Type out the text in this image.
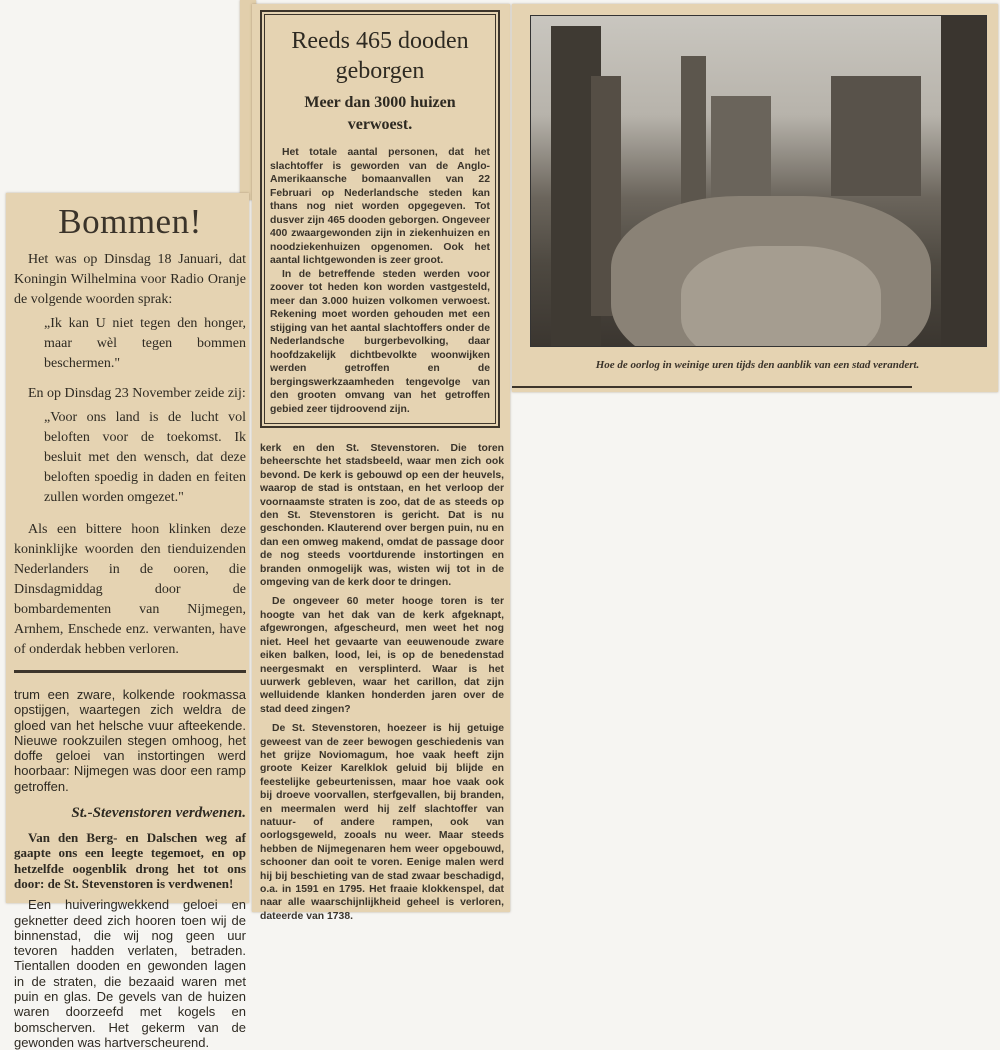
Bommen!

Het was op Dinsdag 18 Januari, dat Koningin Wilhelmina voor Radio Oranje de volgende woorden sprak:

„Ik kan U niet tegen den honger, maar wèl tegen bommen beschermen."

En op Dinsdag 23 November zeide zij:

„Voor ons land is de lucht vol beloften voor de toekomst. Ik besluit met den wensch, dat deze beloften spoedig in daden en feiten zullen worden omgezet."

Als een bittere hoon klinken deze koninklijke woorden den tienduizenden Nederlanders in de ooren, die Dinsdagmiddag door de bombardementen van Nijmegen, Arnhem, Enschede enz. verwanten, have of onderdak hebben verloren.

trum een zware, kolkende rookmassa opstijgen, waartegen zich weldra de gloed van het helsche vuur afteekende. Nieuwe rookzuilen stegen omhoog, het doffe geloei van instortingen werd hoorbaar: Nijmegen was door een ramp getroffen.

St.-Stevenstoren verdwenen.

Van den Berg- en Dalschen weg af gaapte ons een leegte tegemoet, en op hetzelfde oogenblik drong het tot ons door: de St. Stevenstoren is verdwenen!

Een huiveringwekkend geloei en geknetter deed zich hooren toen wij de binnenstad, die wij nog geen uur tevoren hadden verlaten, betraden. Tientallen dooden en gewonden lagen in de straten, die bezaaid waren met puin en glas. De gevels van de huizen waren doorzeefd met kogels en bomscherven. Het gekerm van de gewonden was hartverscheurend.

Reeds 465 dooden geborgen
Meer dan 3000 huizen verwoest.

Het totale aantal personen, dat het slachtoffer is geworden van de Anglo-Amerikaansche bomaanvallen van 22 Februari op Nederlandsche steden kan thans nog niet worden opgegeven. Tot dusver zijn 465 dooden geborgen. Ongeveer 400 zwaargewonden zijn in ziekenhuizen en noodziekenhuizen opgenomen. Ook het aantal lichtgewonden is zeer groot.

In de betreffende steden werden voor zoover tot heden kon worden vastgesteld, meer dan 3.000 huizen volkomen verwoest. Rekening moet worden gehouden met een stijging van het aantal slachtoffers onder de Nederlandsche burgerbevolking, daar hoofdzakelijk dichtbevolkte woonwijken werden getroffen en de bergingswerkzaamheden tengevolge van den grooten omvang van het getroffen gebied zeer tijdroovend zijn.

kerk en den St. Stevenstoren. Die toren beheerschte het stadsbeeld, waar men zich ook bevond. De kerk is gebouwd op een der heuvels, waarop de stad is ontstaan, en het verloop der voornaamste straten is zoo, dat de as steeds op den St. Stevenstoren is gericht. Dat is nu geschonden. Klauterend over bergen puin, nu en dan een omweg makend, omdat de passage door de nog steeds voortdurende instortingen en branden onmogelijk was, wisten wij tot in de omgeving van de kerk door te dringen.

De ongeveer 60 meter hooge toren is ter hoogte van het dak van de kerk afgeknapt, afgewrongen, afgescheurd, men weet het nog niet. Heel het gevaarte van eeuwenoude zware eiken balken, lood, lei, is op de benedenstad neergesmakt en versplinterd. Waar is het uurwerk gebleven, waar het carillon, dat zijn welluidende klanken honderden jaren over de stad deed zingen?

De St. Stevenstoren, hoezeer is hij getuige geweest van de zeer bewogen geschiedenis van het grijze Noviomagum, hoe vaak heeft zijn groote Keizer Karelklok geluid bij blijde en feestelijke gebeurtenissen, maar hoe vaak ook bij droeve voorvallen, sterfgevallen, bij branden, en meermalen werd hij zelf slachtoffer van natuur- of andere rampen, ook van oorlogsgeweld, zooals nu weer. Maar steeds hebben de Nijmegenaren hem weer opgebouwd, schooner dan ooit te voren. Eenige malen werd hij bij beschieting van de stad zwaar beschadigd, o.a. in 1591 en 1795. Het fraaie klokkenspel, dat naar alle waarschijnlijkheid geheel is verloren, dateerde van 1738.

Hoe de oorlog in weinige uren tijds den aanblik van een stad verandert.
